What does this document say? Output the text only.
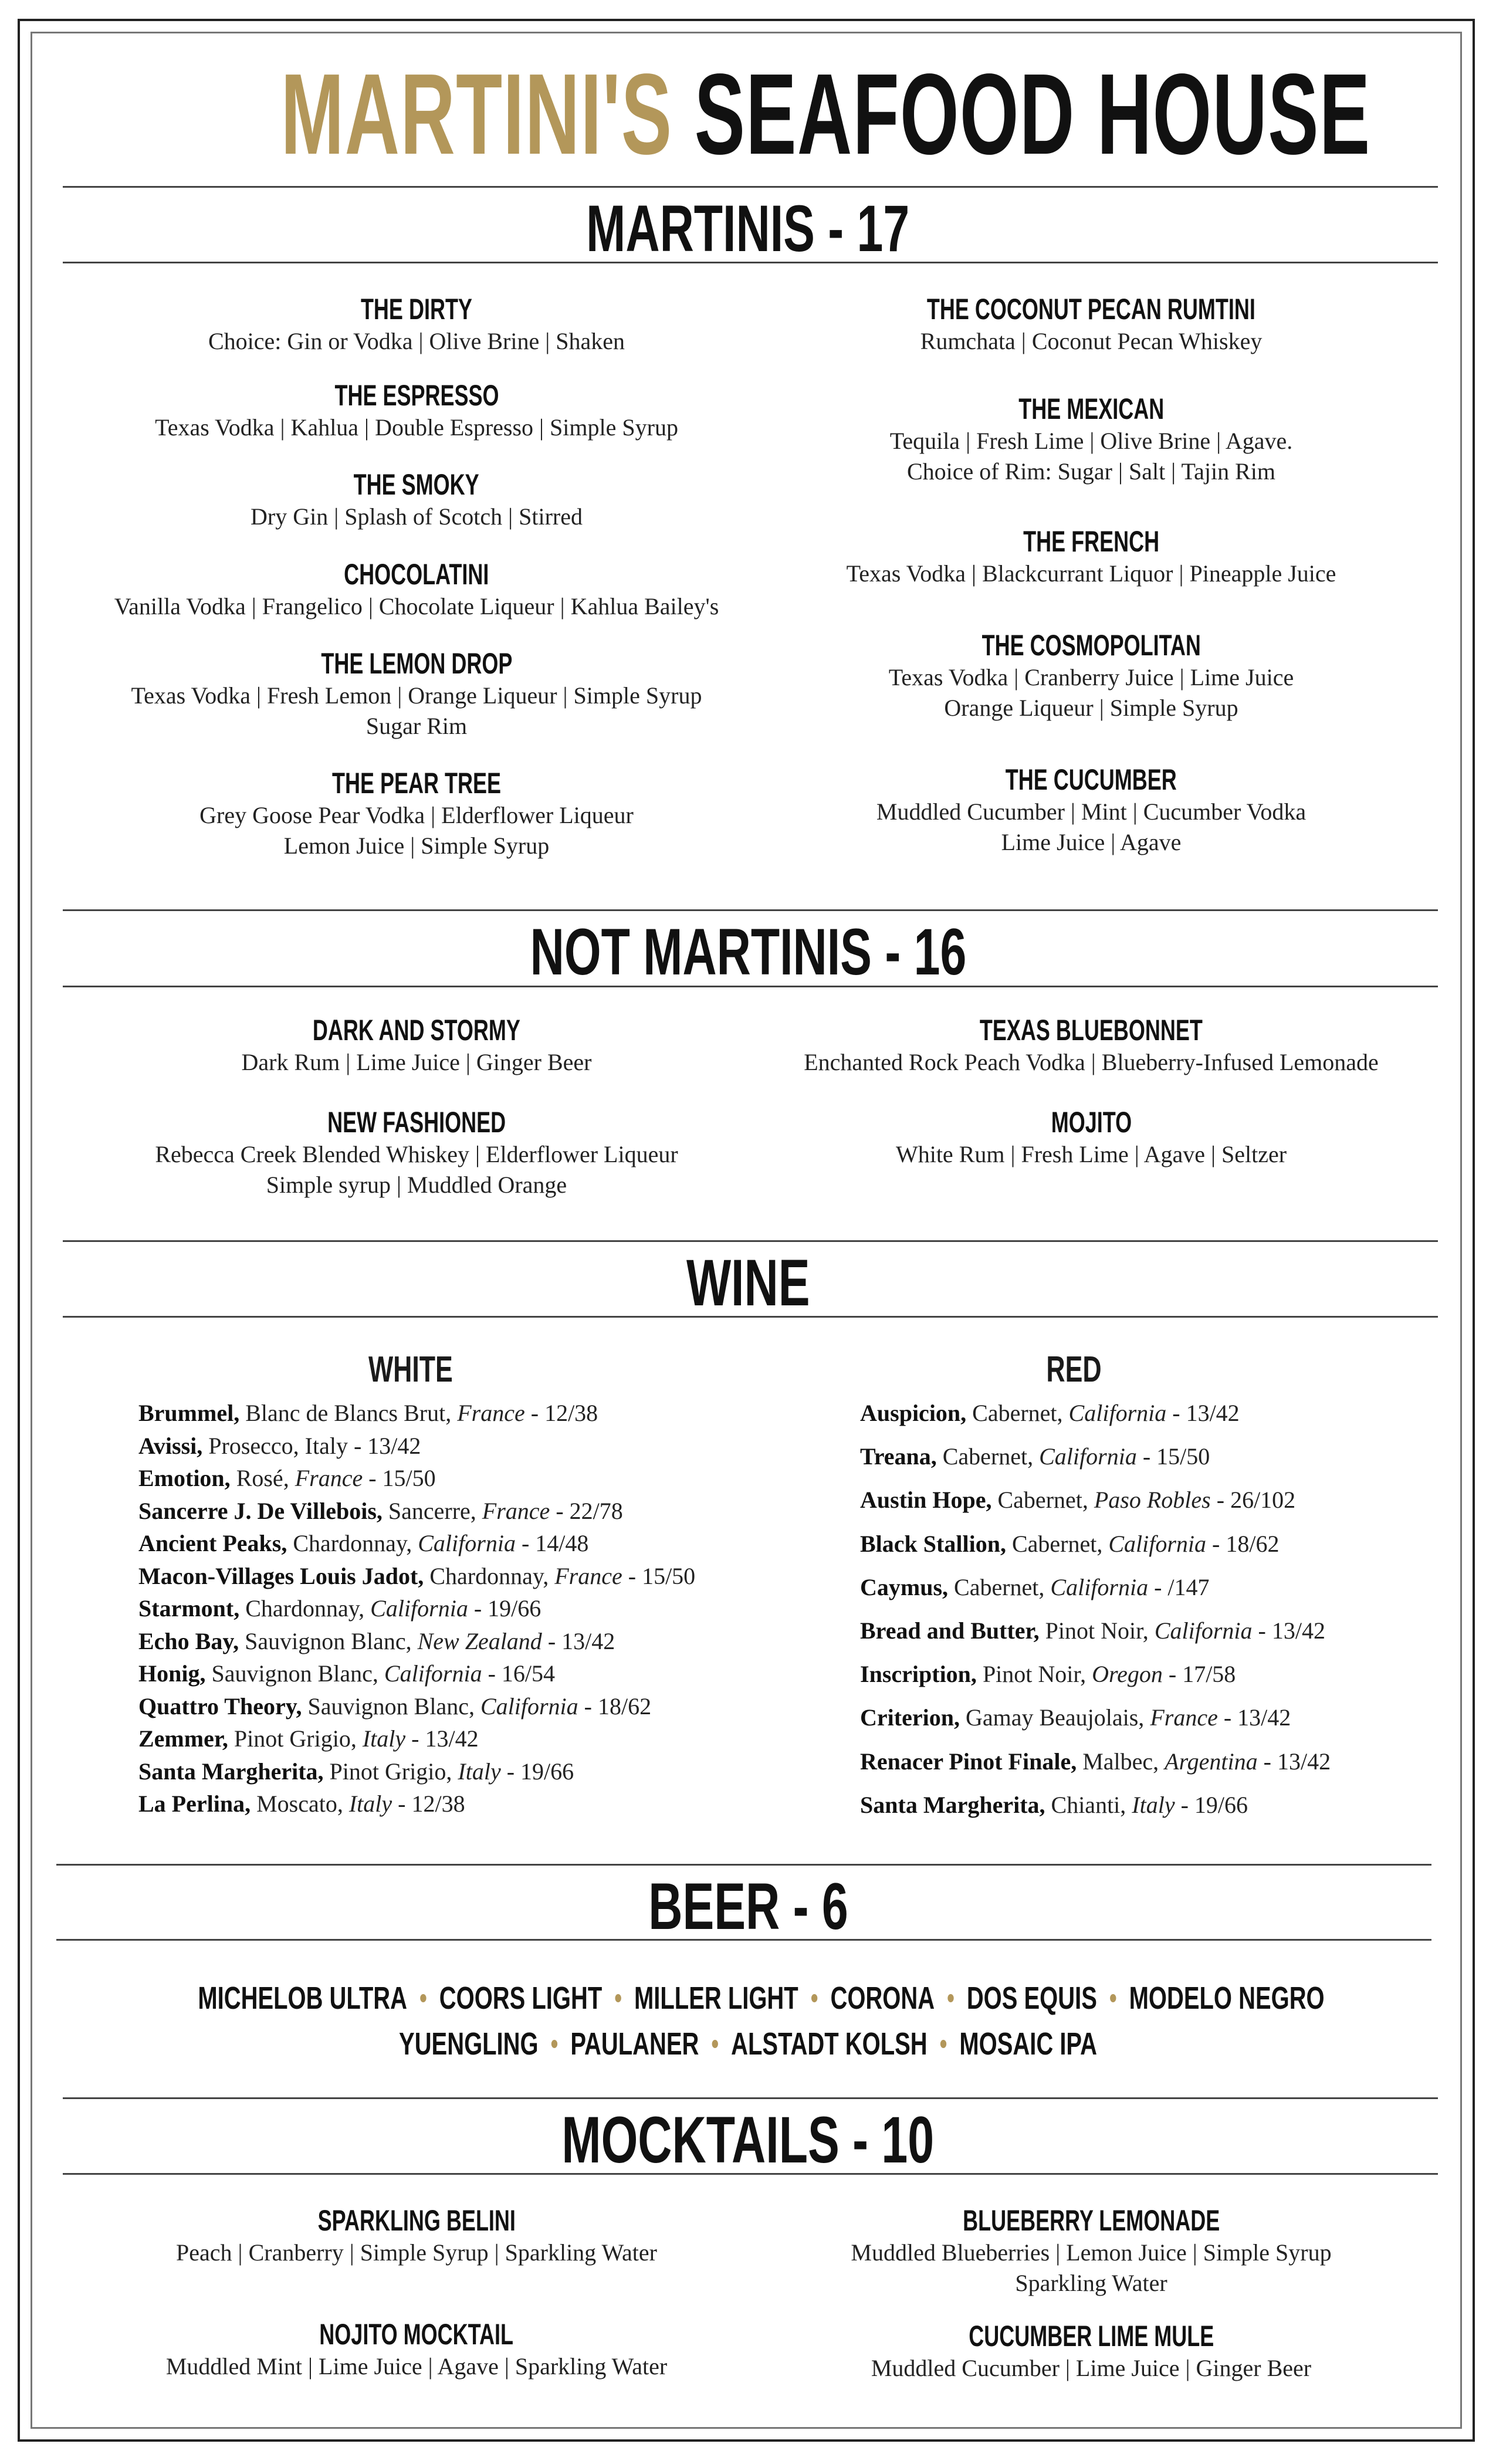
MARTINI'S SEAFOOD HOUSE
MARTINIS - 17
THE DIRTY
Choice: Gin or Vodka | Olive Brine | Shaken
THE ESPRESSO
Texas Vodka | Kahlua | Double Espresso | Simple Syrup
THE SMOKY
Dry Gin | Splash of Scotch | Stirred
CHOCOLATINI
Vanilla Vodka | Frangelico | Chocolate Liqueur | Kahlua Bailey's
THE LEMON DROP
Texas Vodka | Fresh Lemon | Orange Liqueur | Simple Syrup
Sugar Rim
THE PEAR TREE
Grey Goose Pear Vodka | Elderflower Liqueur
Lemon Juice | Simple Syrup
THE COCONUT PECAN RUMTINI
Rumchata | Coconut Pecan Whiskey
THE MEXICAN
Tequila | Fresh Lime | Olive Brine | Agave.
Choice of Rim: Sugar | Salt | Tajin Rim
THE FRENCH
Texas Vodka | Blackcurrant Liquor | Pineapple Juice
THE COSMOPOLITAN
Texas Vodka | Cranberry Juice | Lime Juice
Orange Liqueur | Simple Syrup
THE CUCUMBER
Muddled Cucumber | Mint | Cucumber Vodka
Lime Juice | Agave
NOT MARTINIS - 16
DARK AND STORMY
Dark Rum | Lime Juice | Ginger Beer
NEW FASHIONED
Rebecca Creek Blended Whiskey | Elderflower Liqueur
Simple syrup | Muddled Orange
TEXAS BLUEBONNET
Enchanted Rock Peach Vodka | Blueberry-Infused Lemonade
MOJITO
White Rum | Fresh Lime | Agave | Seltzer
WINE
WHITE	RED
Brummel, Blanc de Blancs Brut, France - 12/38
Avissi, Prosecco, Italy - 13/42
Emotion, Rosé, France - 15/50
Sancerre J. De Villebois, Sancerre, France - 22/78
Ancient Peaks, Chardonnay, California - 14/48
Macon-Villages Louis Jadot, Chardonnay, France - 15/50
Starmont, Chardonnay, California - 19/66
Echo Bay, Sauvignon Blanc, New Zealand - 13/42
Honig, Sauvignon Blanc, California - 16/54
Quattro Theory, Sauvignon Blanc, California - 18/62
Zemmer, Pinot Grigio, Italy - 13/42
Santa Margherita, Pinot Grigio, Italy - 19/66
La Perlina, Moscato, Italy - 12/38
Auspicion, Cabernet, California - 13/42
Treana, Cabernet, California - 15/50
Austin Hope, Cabernet, Paso Robles - 26/102
Black Stallion, Cabernet, California - 18/62
Caymus, Cabernet, California - /147
Bread and Butter, Pinot Noir, California - 13/42
Inscription, Pinot Noir, Oregon - 17/58
Criterion, Gamay Beaujolais, France - 13/42
Renacer Pinot Finale, Malbec, Argentina - 13/42
Santa Margherita, Chianti, Italy - 19/66
BEER - 6
MICHELOB ULTRA COORS LIGHT MILLER LIGHT CORONA DOS EQUIS MODELO NEGRO
YUENGLING PAULANER ALSTADT KOLSH MOSAIC IPA
MOCKTAILS - 10
SPARKLING BELINI
Peach | Cranberry | Simple Syrup | Sparkling Water
NOJITO MOCKTAIL
Muddled Mint | Lime Juice | Agave | Sparkling Water
BLUEBERRY LEMONADE
Muddled Blueberries | Lemon Juice | Simple Syrup
Sparkling Water
CUCUMBER LIME MULE
Muddled Cucumber | Lime Juice | Ginger Beer
